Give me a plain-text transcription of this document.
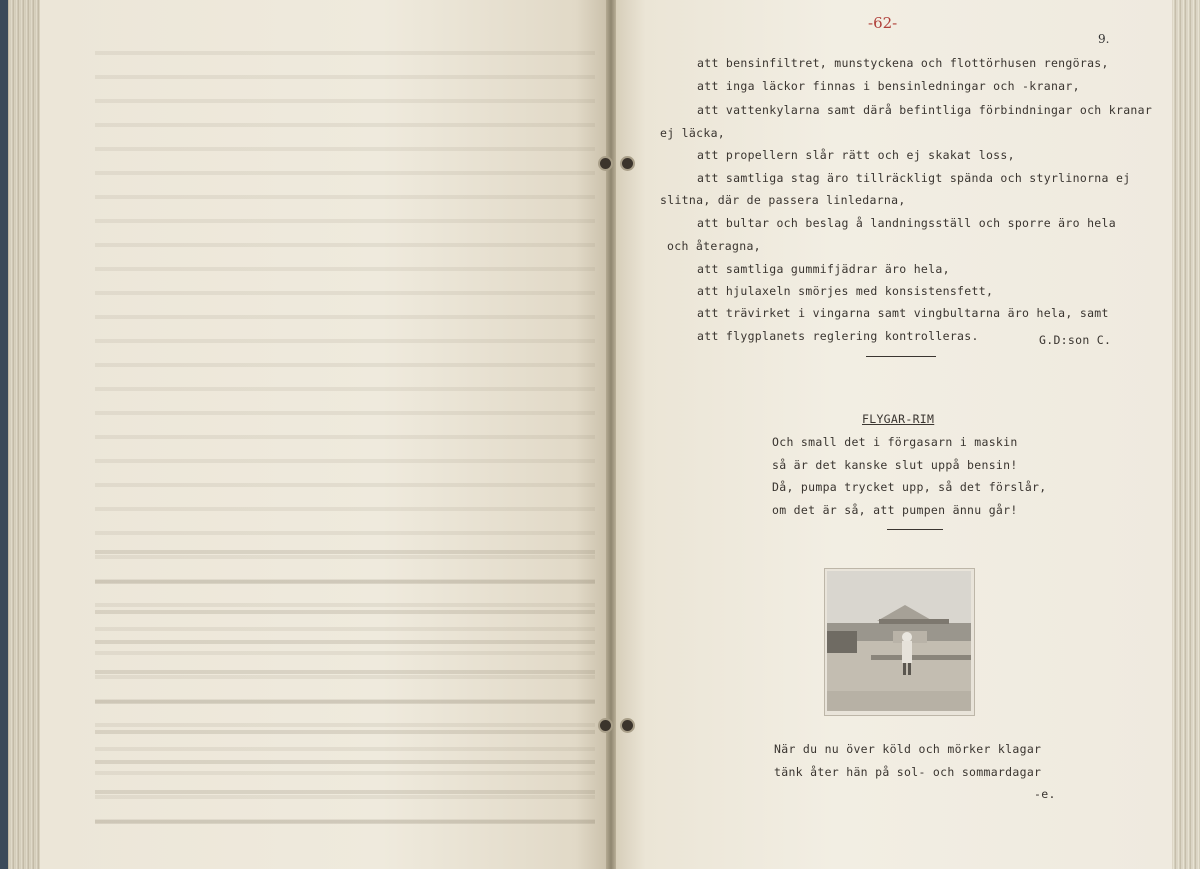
-62-
9.
att bensinfiltret, munstyckena och flottörhusen rengöras,
att inga läckor finnas i bensinledningar och -kranar,
att vattenkylarna samt därå befintliga förbindningar och kranar
ej läcka,
att propellern slår rätt och ej skakat loss,
att samtliga stag äro tillräckligt spända och styrlinorna ej
slitna, där de passera linledarna,
att bultar och beslag å landningsställ och sporre äro hela
och återagna,
att samtliga gummifjädrar äro hela,
att hjulaxeln smörjes med konsistensfett,
att trävirket i vingarna samt vingbultarna äro hela, samt
att flygplanets reglering kontrolleras.	G.D:son C.
FLYGAR-RIM
Och small det i förgasarn i maskin
så är det kanske slut uppå bensin!
Då, pumpa trycket upp, så det förslår,
om det är så, att pumpen ännu går!
När du nu över köld och mörker klagar
tänk åter hän på sol- och sommardagar
-e.
